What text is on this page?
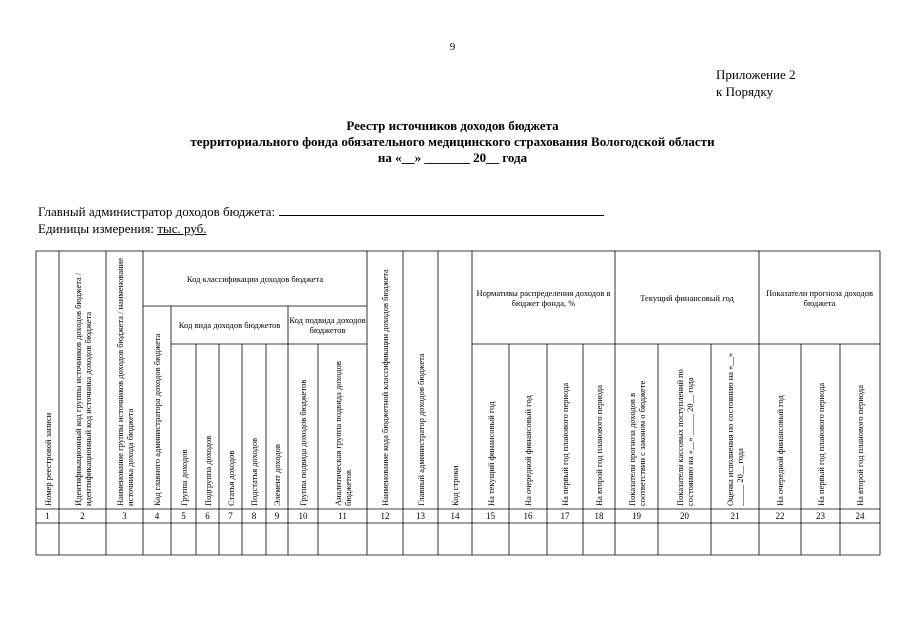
9
Приложение 2
к Порядку
Реестр источников доходов бюджета
территориального фонда обязательного медицинского страхования Вологодской области
на «__» _______ 20__ года
Главный администратор доходов бюджета:
Единицы измерения: тыс. руб.
Код классификации доходов бюджета
Код вида доходов бюджетов	Код подвида доходов бюджетов
Нормативы распределения доходов в бюджет фонда, %	Текущий финансовый год	Показатели прогноза доходов бюджета
Номер реестровой записи	Идентификационный код группы источников доходов бюджета / идентификационный код источника доходов бюджета	Наименование группы источников доходов бюджета / наименование источника дохода бюджета	Код главного администратора доходов бюджета	Группа доходов	Подгруппа доходов	Статья доходов	Подстатья доходов	Элемент доходов	Группа подвида доходов бюджетов	Аналитическая группа подвида доходов бюджетов	Наименование кода бюджетной классификации доходов бюджета	Главный администратор доходов бюджета	Код строки	На текущий финансовый год	На очередной финансовый год	На первый год планового периода	На второй год планового периода	Показатели прогноза доходов в соответствии с законом о бюджете	Показатели кассовых поступлений по состоянию на «__» _____ 20__ года	Оценка исполнения по состоянию на «__» _____ 20__ года	На очередной финансовый год	На первый год планового периода	На второй год планового периода
1	2	3	4	5	6	7	8	9	10	11	12	13	14	15	16	17	18	19	20	21	22	23	24
